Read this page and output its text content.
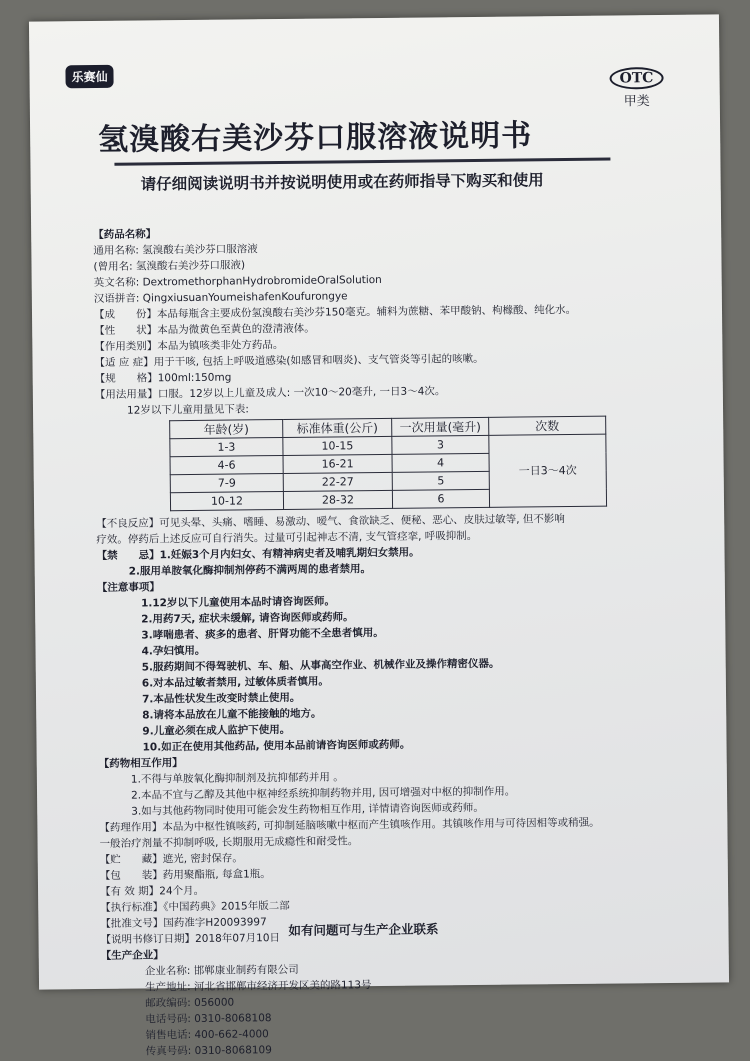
乐赛仙	OTC
甲类
氢溴酸右美沙芬口服溶液说明书
请仔细阅读说明书并按说明使用或在药师指导下购买和使用
【药品名称】
通用名称: 氢溴酸右美沙芬口服溶液
(曾用名: 氢溴酸右美沙芬口服液)
英文名称: DextromethorphanHydrobromideOralSolution
汉语拼音: QingxiusuanYoumeishafenKoufurongye
【成　　份】本品每瓶含主要成份氢溴酸右美沙芬150毫克。辅料为蔗糖、苯甲酸钠、枸橼酸、纯化水。
【性　　状】本品为微黄色至黄色的澄清液体。
【作用类别】本品为镇咳类非处方药品。
【适 应 症】用于干咳, 包括上呼吸道感染(如感冒和咽炎)、支气管炎等引起的咳嗽。
【规　　格】100ml:150mg
【用法用量】口服。12岁以上儿童及成人: 一次10～20毫升, 一日3～4次。
12岁以下儿童用量见下表:
年龄(岁)	标准体重(公斤)	一次用量(毫升)	次数
1-3	10-15	3	一日3～4次
4-6	16-21	4	
7-9	22-27	5	
10-12	28-32	6	
【不良反应】可见头晕、头痛、嗜睡、易激动、嗳气、食欲缺乏、便秘、恶心、皮肤过敏等, 但不影响
疗效。停药后上述反应可自行消失。过量可引起神志不清, 支气管痉挛, 呼吸抑制。
【禁　　忌】1.妊娠3个月内妇女、有精神病史者及哺乳期妇女禁用。
2.服用单胺氧化酶抑制剂停药不满两周的患者禁用。
【注意事项】
1.12岁以下儿童使用本品时请咨询医师。
2.用药7天, 症状未缓解, 请咨询医师或药师。
3.哮喘患者、痰多的患者、肝肾功能不全患者慎用。
4.孕妇慎用。
5.服药期间不得驾驶机、车、船、从事高空作业、机械作业及操作精密仪器。
6.对本品过敏者禁用, 过敏体质者慎用。
7.本品性状发生改变时禁止使用。
8.请将本品放在儿童不能接触的地方。
9.儿童必须在成人监护下使用。
10.如正在使用其他药品, 使用本品前请咨询医师或药师。
【药物相互作用】
1.不得与单胺氧化酶抑制剂及抗抑郁药并用 。
2.本品不宜与乙醇及其他中枢神经系统抑制药物并用, 因可增强对中枢的抑制作用。
3.如与其他药物同时使用可能会发生药物相互作用, 详情请咨询医师或药师。
【药理作用】本品为中枢性镇咳药, 可抑制延脑咳嗽中枢而产生镇咳作用。其镇咳作用与可待因相等或稍强。
一般治疗剂量不抑制呼吸, 长期服用无成瘾性和耐受性。
【贮　　藏】遮光, 密封保存。
【包　　装】药用聚酯瓶, 每盒1瓶。
【有 效 期】24个月。
【执行标准】《中国药典》2015年版二部
【批准文号】国药准字H20093997
【说明书修订日期】2018年07月10日
【生产企业】
企业名称: 邯郸康业制药有限公司
生产地址: 河北省邯郸市经济开发区美的路113号
邮政编码: 056000
电话号码: 0310-8068108
销售电话: 400-662-4000
传真号码: 0310-8068109
如有问题可与生产企业联系
